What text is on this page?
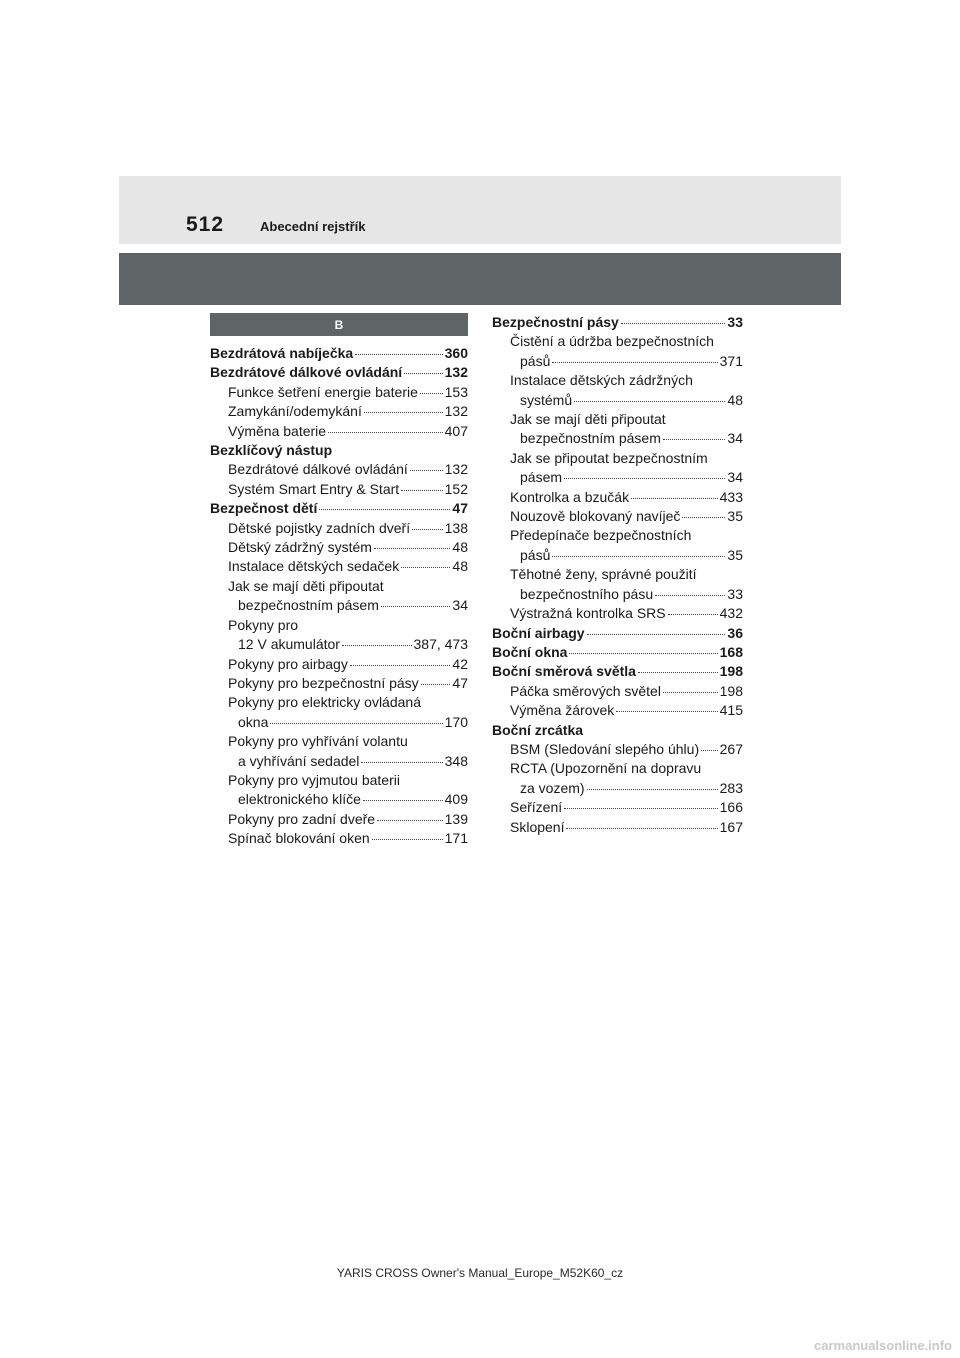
512	Abecední rejstřík
B
Bezdrátová nabíječka	360
Bezdrátové dálkové ovládání	132
Funkce šetření energie baterie 153
Zamykání/odemykání	132
Výměna baterie	407
Bezklíčový nástup
Bezdrátové dálkové ovládání	132
Systém Smart Entry & Start	152
Bezpečnost dětí	47
Dětské pojistky zadních dveří 138
Dětský zádržný systém	48
Instalace dětských sedaček	48
Jak se mají děti připoutat
bezpečnostním pásem	34
Pokyny pro
12 V akumulátor	387, 473
Pokyny pro airbagy	42
Pokyny pro bezpečnostní pásy 47
Pokyny pro elektricky ovládaná
okna	170
Pokyny pro vyhřívání volantu
a vyhřívání sedadel	348
Pokyny pro vyjmutou baterii
elektronického klíče	409
Pokyny pro zadní dveře	139
Spínač blokování oken	171
Bezpečnostní pásy	33
Čistění a údržba bezpečnostních
pásů	371
Instalace dětských zádržných
systémů	48
Jak se mají děti připoutat
bezpečnostním pásem	34
Jak se připoutat bezpečnostním
pásem	34
Kontrolka a bzučák	433
Nouzově blokovaný navíječ	35
Předepínače bezpečnostních
pásů	35
Těhotné ženy, správné použití
bezpečnostního pásu	33
Výstražná kontrolka SRS	432
Boční airbagy	36
Boční okna	168
Boční směrová světla	198
Páčka směrových světel	198
Výměna žárovek	415
Boční zrcátka
BSM (Sledování slepého úhlu) 267
RCTA (Upozornění na dopravu
za vozem)	283
Seřízení	166
Sklopení	167
YARIS CROSS Owner's Manual_Europe_M52K60_cz
carmanualsonline.info
